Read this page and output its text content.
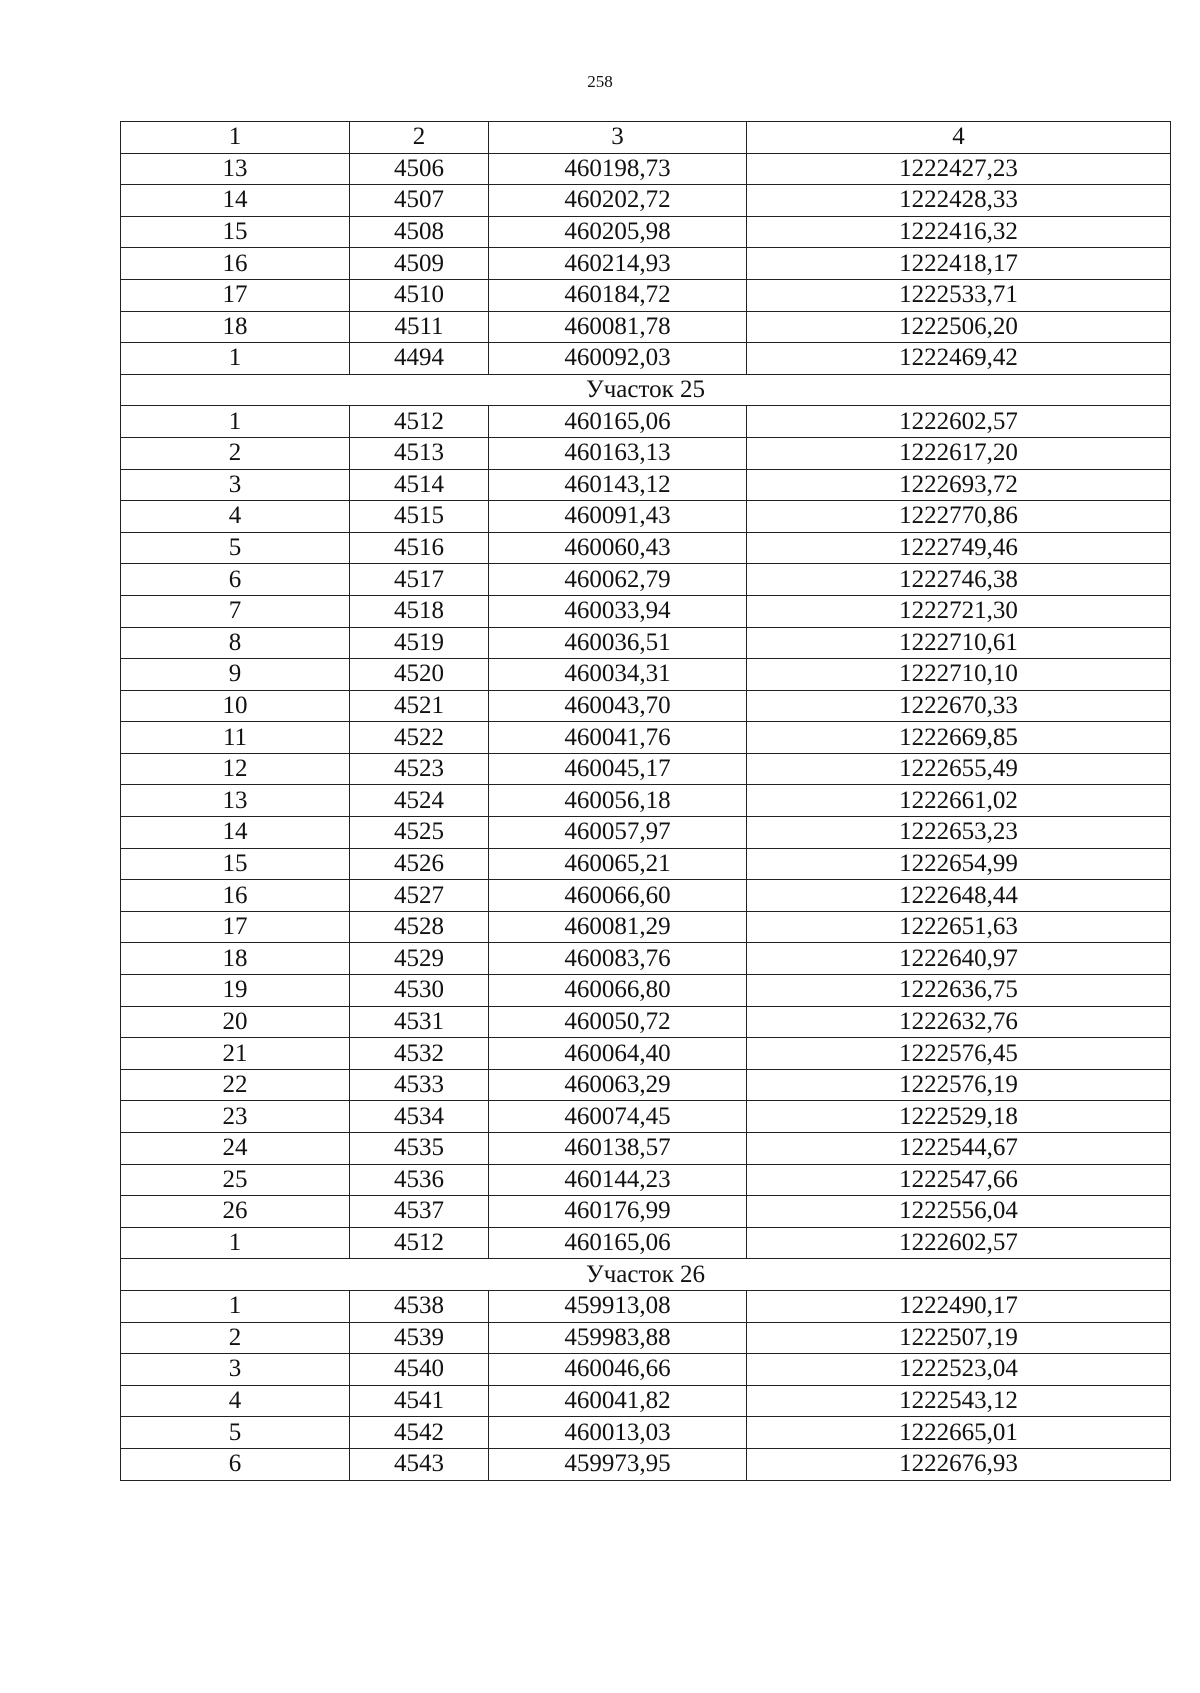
258
1	2	3	4
13	4506	460198,73	1222427,23
14	4507	460202,72	1222428,33
15	4508	460205,98	1222416,32
16	4509	460214,93	1222418,17
17	4510	460184,72	1222533,71
18	4511	460081,78	1222506,20
1	4494	460092,03	1222469,42
Участок 25			
1	4512	460165,06	1222602,57
2	4513	460163,13	1222617,20
3	4514	460143,12	1222693,72
4	4515	460091,43	1222770,86
5	4516	460060,43	1222749,46
6	4517	460062,79	1222746,38
7	4518	460033,94	1222721,30
8	4519	460036,51	1222710,61
9	4520	460034,31	1222710,10
10	4521	460043,70	1222670,33
11	4522	460041,76	1222669,85
12	4523	460045,17	1222655,49
13	4524	460056,18	1222661,02
14	4525	460057,97	1222653,23
15	4526	460065,21	1222654,99
16	4527	460066,60	1222648,44
17	4528	460081,29	1222651,63
18	4529	460083,76	1222640,97
19	4530	460066,80	1222636,75
20	4531	460050,72	1222632,76
21	4532	460064,40	1222576,45
22	4533	460063,29	1222576,19
23	4534	460074,45	1222529,18
24	4535	460138,57	1222544,67
25	4536	460144,23	1222547,66
26	4537	460176,99	1222556,04
1	4512	460165,06	1222602,57
Участок 26			
1	4538	459913,08	1222490,17
2	4539	459983,88	1222507,19
3	4540	460046,66	1222523,04
4	4541	460041,82	1222543,12
5	4542	460013,03	1222665,01
6	4543	459973,95	1222676,93
